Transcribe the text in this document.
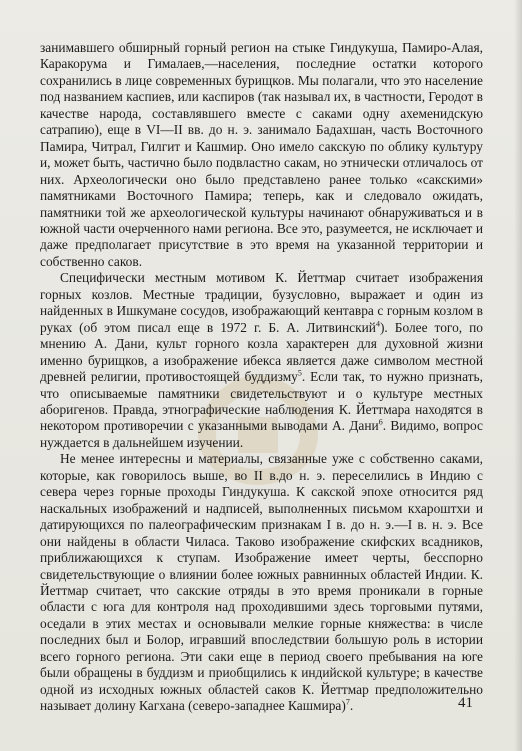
занимавшего обширный горный регион на стыке Гиндукуша, Памиро-Алая, Каракорума и Гималаев,—населения, последние остатки которого сохранились в лице современных бурищков. Мы полагали, что это население под названием каспиев, или каспиров (так называл их, в частности, Геродот в качестве народа, составлявшего вместе с саками одну ахеменидскую сатрапию), еще в VI—II вв. до н. э. занимало Бадахшан, часть Восточного Памира, Читрал, Гилгит и Кашмир. Оно имело сакскую по облику культуру и, может быть, частично было подвластно сакам, но этнически отличалось от них. Археологически оно было представлено ранее только «сакскими» памятниками Восточного Памира; теперь, как и следовало ожидать, памятники той же археологической культуры начинают обнаруживаться и в южной части очерченного нами региона. Все это, разумеется, не исключает и даже предполагает присутствие в это время на указанной территории и собственно саков.

Специфически местным мотивом К. Йеттмар считает изображения горных козлов. Местные традиции, бузусловно, выражает и один из найденных в Ишкумане сосудов, изображающий кентавра с горным козлом в руках (об этом писал еще в 1972 г. Б. А. Литвинский$^4$). Более того, по мнению А. Дани, культ горного козла характерен для духовной жизни именно бурищков, а изображение ибекса является даже символом местной древней религии, противостоящей буддизму$^5$. Если так, то нужно признать, что описываемые памятники свидетельствуют и о культуре местных аборигенов. Правда, этнографические наблюдения К. Йеттмара находятся в некотором противоречии с указанными выводами А. Дани$^6$. Видимо, вопрос нуждается в дальнейшем изучении.

Не менее интересны и материалы, связанные уже с собственно саками, которые, как говорилось выше, во II в.до н. э. переселились в Индию с севера через горные проходы Гиндукуша. К сакской эпохе относится ряд наскальных изображений и надписей, выполненных письмом кхароштхи и датирующихся по палеографическим признакам I в. до н. э.—I в. н. э. Все они найдены в области Чиласа. Таково изображение скифских всадников, приближающихся к ступам. Изображение имеет черты, бесспорно свидетельствующие о влиянии более южных равнинных областей Индии. К. Йеттмар считает, что сакские отряды в это время проникали в горные области с юга для контроля над проходившими здесь торговыми путями, оседали в этих местах и основывали мелкие горные княжества: в числе последних был и Болор, игравший впоследствии большую роль в истории всего горного региона. Эти саки еще в период своего пребывания на юге были обращены в буддизм и приобщились к индийской культуре; в качестве одной из исходных южных областей саков К. Йеттмар предположительно называет долину Кагхана (северо-западнее Кашмира)$^7$.	41
